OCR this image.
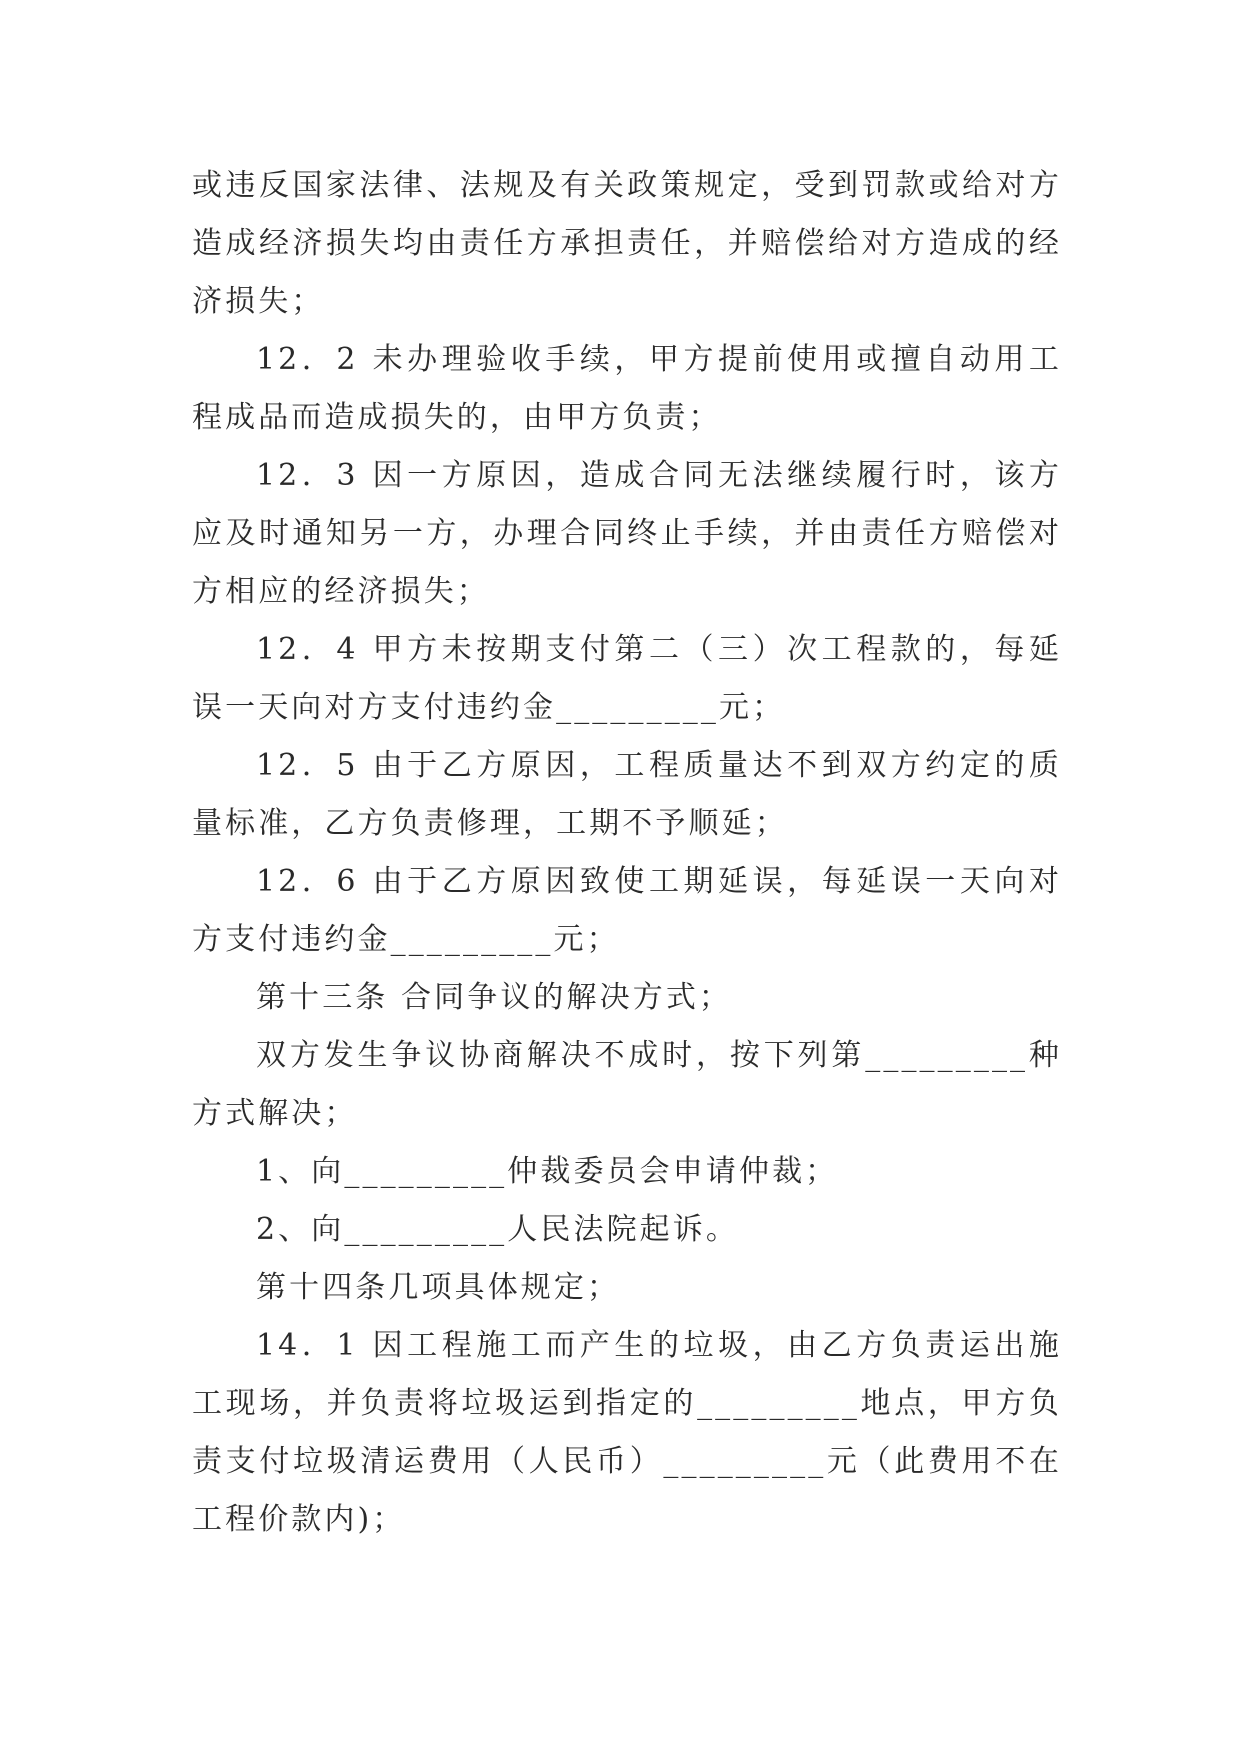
或违反国家法律、法规及有关政策规定，受到罚款或给对方造成经济损失均由责任方承担责任，并赔偿给对方造成的经济损失；

12．2 未办理验收手续，甲方提前使用或擅自动用工程成品而造成损失的，由甲方负责；

12．3 因一方原因，造成合同无法继续履行时，该方应及时通知另一方，办理合同终止手续，并由责任方赔偿对方相应的经济损失；

12．4 甲方未按期支付第二（三）次工程款的，每延误一天向对方支付违约金_________元；

12．5 由于乙方原因，工程质量达不到双方约定的质量标准，乙方负责修理，工期不予顺延；

12．6 由于乙方原因致使工期延误，每延误一天向对方支付违约金_________元；

第十三条 合同争议的解决方式；

双方发生争议协商解决不成时，按下列第_________种方式解决；

1、向_________仲裁委员会申请仲裁；

2、向_________人民法院起诉。

第十四条几项具体规定；

14．1 因工程施工而产生的垃圾，由乙方负责运出施工现场，并负责将垃圾运到指定的_________地点，甲方负责支付垃圾清运费用（人民币）_________元（此费用不在工程价款内)；
